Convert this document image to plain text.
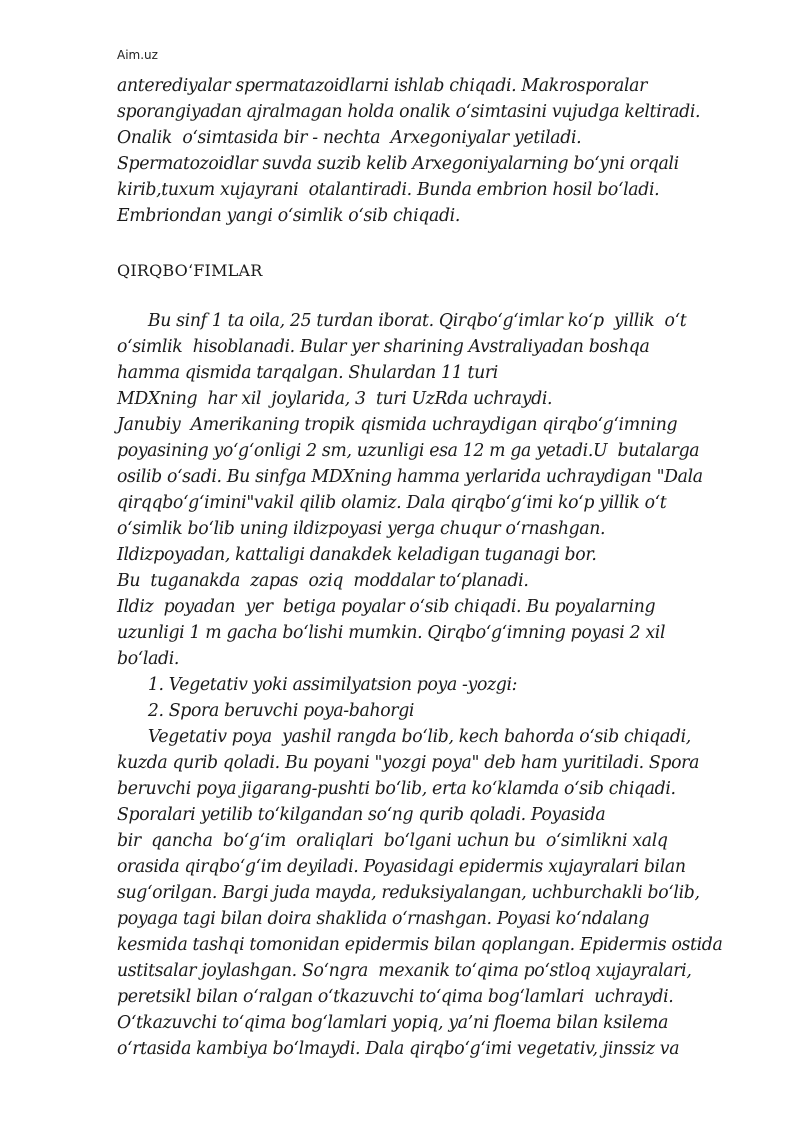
Aim.uz
anterediyalar spermatazoidlarni ishlab chiqadi. Makrosporalar
sporangiyadan ajralmagan holda onalik o‘simtasini vujudga keltiradi.
Onalik  o‘simtasida bir - nechta  Arxegoniyalar yetiladi.
Spermatozoidlar suvda suzib kelib Arxegoniyalarning bo‘yni orqali
kirib,tuxum xujayrani  otalantiradi. Bunda embrion hosil bo‘ladi.
Embriondan yangi o‘simlik o‘sib chiqadi.
QIRQBO‘FIMLAR
Bu sinf 1 ta oila, 25 turdan iborat. Qirqbo‘g‘imlar ko‘p  yillik  o‘t
o‘simlik  hisoblanadi. Bular yer sharining Avstraliyadan boshqa
hamma qismida tarqalgan. Shulardan 11 turi
MDXning  har xil  joylarida, 3  turi UzRda uchraydi.
Janubiy  Amerikaning tropik qismida uchraydigan qirqbo‘g‘imning
poyasining yo‘g‘onligi 2 sm, uzunligi esa 12 m ga yetadi.U  butalarga
osilib o‘sadi. Bu sinfga MDXning hamma yerlarida uchraydigan "Dala
qirqqbo‘g‘imini"vakil qilib olamiz. Dala qirqbo‘g‘imi ko‘p yillik o‘t
o‘simlik bo‘lib uning ildizpoyasi yerga chuqur o‘rnashgan.
Ildizpoyadan, kattaligi danakdek keladigan tuganagi bor.
Bu  tuganakda  zapas  oziq  moddalar to‘planadi.
Ildiz  poyadan  yer  betiga poyalar o‘sib chiqadi. Bu poyalarning
uzunligi 1 m gacha bo‘lishi mumkin. Qirqbo‘g‘imning poyasi 2 xil
bo‘ladi.
1. Vegetativ yoki assimilyatsion poya -yozgi:
2. Spora beruvchi poya-bahorgi
Vegetativ poya  yashil rangda bo‘lib, kech bahorda o‘sib chiqadi,
kuzda qurib qoladi. Bu poyani "yozgi poya" deb ham yuritiladi. Spora
beruvchi poya jigarang-pushti bo‘lib, erta ko‘klamda o‘sib chiqadi.
Sporalari yetilib to‘kilgandan so‘ng qurib qoladi. Poyasida
bir  qancha  bo‘g‘im  oraliqlari  bo‘lgani uchun bu  o‘simlikni xalq
orasida qirqbo‘g‘im deyiladi. Poyasidagi epidermis xujayralari bilan
sug‘orilgan. Bargi juda mayda, reduksiyalangan, uchburchakli bo‘lib,
poyaga tagi bilan doira shaklida o‘rnashgan. Poyasi ko‘ndalang
kesmida tashqi tomonidan epidermis bilan qoplangan. Epidermis ostida
ustitsalar joylashgan. So‘ngra  mexanik to‘qima po‘stloq xujayralari,
peretsikl bilan o‘ralgan o‘tkazuvchi to‘qima bog‘lamlari  uchraydi.
O‘tkazuvchi to‘qima bog‘lamlari yopiq, ya’ni floema bilan ksilema
o‘rtasida kambiya bo‘lmaydi. Dala qirqbo‘g‘imi vegetativ, jinssiz va
